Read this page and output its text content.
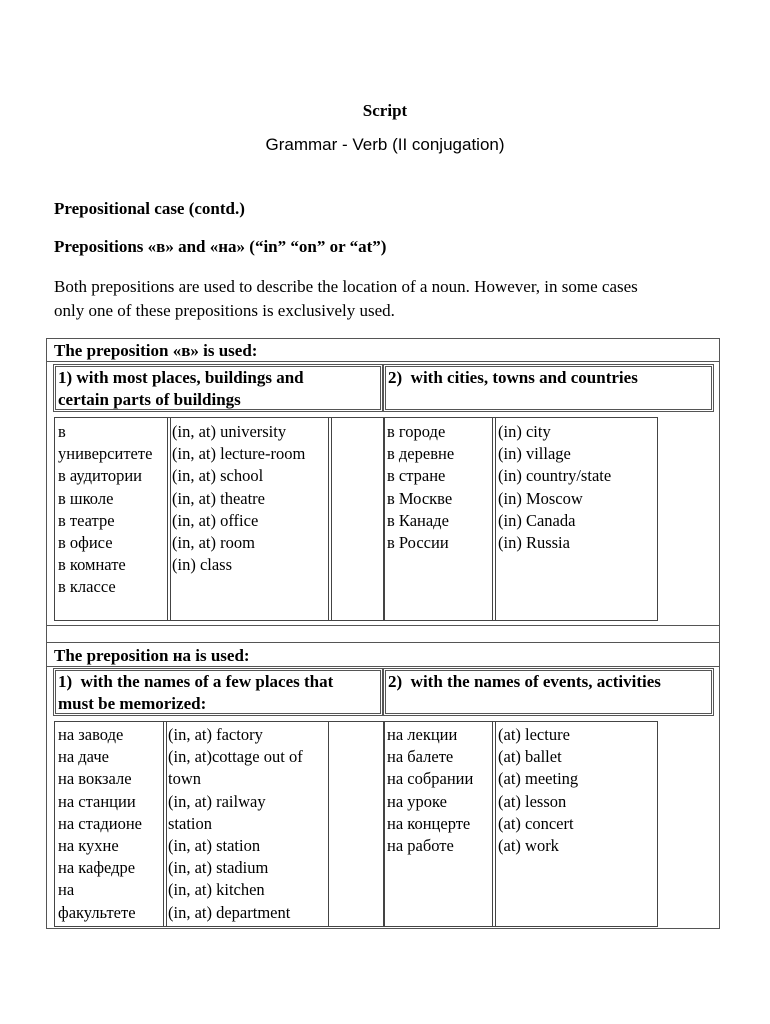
Script
Grammar - Verb (II conjugation)
Prepositional case (contd.)
Prepositions «в» and «на» (“in” “on” or “at”)
Both prepositions are used to describe the location of a noun. However, in some cases
only one of these prepositions is exclusively used.
The preposition «в» is used:
1) with most places, buildings and
certain parts of buildings
2)  with cities, towns and countries
в
университете
в аудитории
в школе
в театре
в офисе
в комнате
в классе
(in, at) university
(in, at) lecture-room
(in, at) school
(in, at) theatre
(in, at) office
(in, at) room
(in) class
в городе
в деревне
в стране
в Москве
в Канаде
в России
(in) city
(in) village
(in) country/state
(in) Moscow
(in) Canada
(in) Russia
The preposition на is used:
1)  with the names of a few places that
must be memorized:
2)  with the names of events, activities
на заводе
на даче
на вокзале
на станции
на стадионе
на кухне
на кафедре
на
факультете
(in, at) factory
(in, at)cottage out of
town
(in, at) railway
station
(in, at) station
(in, at) stadium
(in, at) kitchen
(in, at) department
на лекции
на балете
на собрании
на уроке
на концерте
на работе
(at) lecture
(at) ballet
(at) meeting
(at) lesson
(at) concert
(at) work
